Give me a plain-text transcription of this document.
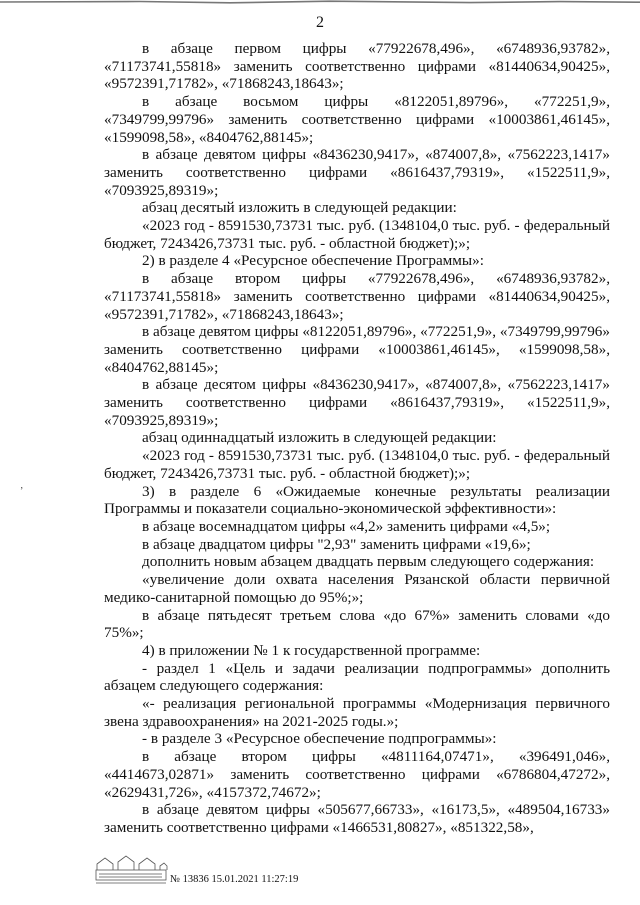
2

в абзаце первом цифры «77922678,496», «6748936,93782», «71173741,55818» заменить соответственно цифрами «81440634,90425», «9572391,71782», «71868243,18643»;

в абзаце восьмом цифры «8122051,89796», «772251,9», «7349799,99796» заменить соответственно цифрами «10003861,46145», «1599098,58», «8404762,88145»;

в абзаце девятом цифры «8436230,9417», «874007,8», «7562223,1417» заменить соответственно цифрами «8616437,79319», «1522511,9», «7093925,89319»;

абзац десятый изложить в следующей редакции:

«2023 год - 8591530,73731 тыс. руб. (1348104,0 тыс. руб. - федеральный бюджет, 7243426,73731 тыс. руб. - областной бюджет);»;

2) в разделе 4 «Ресурсное обеспечение Программы»:

в абзаце втором цифры «77922678,496», «6748936,93782», «71173741,55818» заменить соответственно цифрами «81440634,90425», «9572391,71782», «71868243,18643»;

в абзаце девятом цифры «8122051,89796», «772251,9», «7349799,99796» заменить соответственно цифрами «10003861,46145», «1599098,58», «8404762,88145»;

в абзаце десятом цифры «8436230,9417», «874007,8», «7562223,1417» заменить соответственно цифрами «8616437,79319», «1522511,9», «7093925,89319»;

абзац одиннадцатый изложить в следующей редакции:

«2023 год - 8591530,73731 тыс. руб. (1348104,0 тыс. руб. - федеральный бюджет, 7243426,73731 тыс. руб. - областной бюджет);»;

3) в разделе 6 «Ожидаемые конечные результаты реализации Программы и показатели социально-экономической эффективности»:

в абзаце восемнадцатом цифры «4,2» заменить цифрами «4,5»;

в абзаце двадцатом цифры "2,93" заменить цифрами «19,6»;

дополнить новым абзацем двадцать первым следующего содержания:

«увеличение доли охвата населения Рязанской области первичной медико-санитарной помощью до 95%;»;

в абзаце пятьдесят третьем слова «до 67%» заменить словами «до 75%»;

4) в приложении № 1 к государственной программе:

- раздел 1 «Цель и задачи реализации подпрограммы» дополнить абзацем следующего содержания:

«- реализация региональной программы «Модернизация первичного звена здравоохранения» на 2021-2025 годы.»;

- в разделе 3 «Ресурсное обеспечение подпрограммы»:

в абзаце втором цифры «4811164,07471», «396491,046», «4414673,02871» заменить соответственно цифрами «6786804,47272», «2629431,726», «4157372,74672»;

в абзаце девятом цифры «505677,66733», «16173,5», «489504,16733» заменить соответственно цифрами «1466531,80827», «851322,58»,

‚
№ 13836 15.01.2021 11:27:19
